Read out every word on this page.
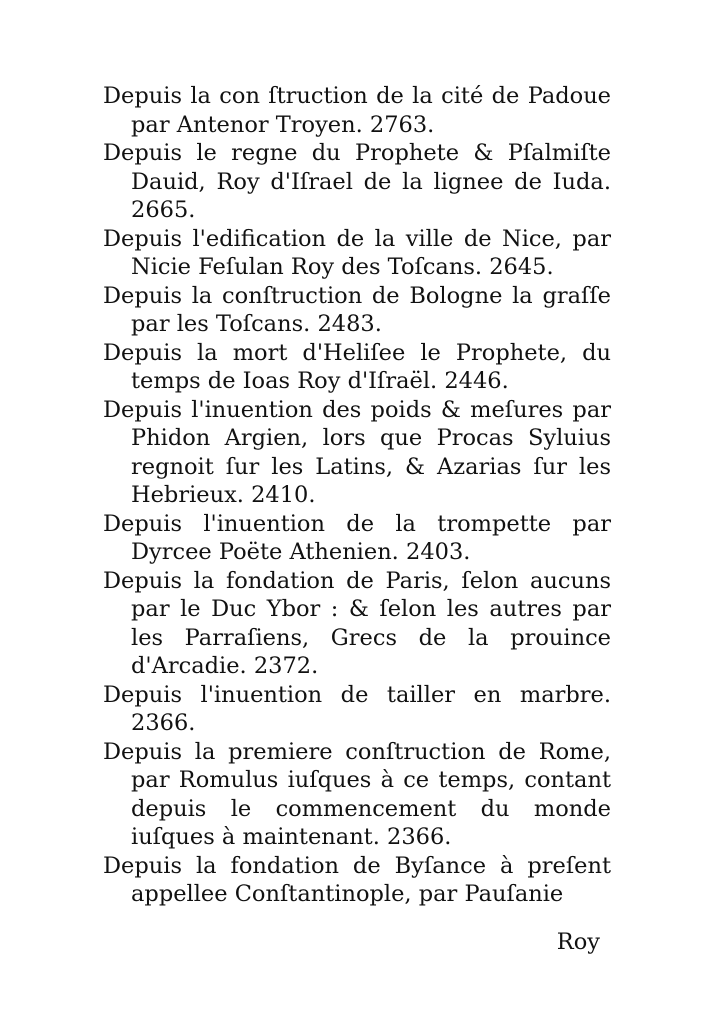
Depuis la con ſtruction de la cité de Padoue par Antenor Troyen. 2763.

Depuis le regne du Prophete & Pſalmiſte Dauid, Roy d'Iſrael de la lignee de Iuda. 2665.

Depuis l'edification de la ville de Nice, par Nicie Feſulan Roy des Toſcans. 2645.

Depuis la conſtruction de Bologne la graſſe par les Toſcans. 2483.

Depuis la mort d'Heliſee le Prophete, du temps de Ioas Roy d'Iſraël. 2446.

Depuis l'inuention des poids & meſures par Phidon Argien, lors que Procas Syluius regnoit ſur les Latins, & Azarias ſur les Hebrieux. 2410.

Depuis l'inuention de la trompette par Dyrcee Poëte Athenien. 2403.

Depuis la fondation de Paris, ſelon aucuns par le Duc Ybor : & ſelon les autres par les Parraſiens, Grecs de la prouince d'Arcadie. 2372.

Depuis l'inuention de tailler en marbre. 2366.

Depuis la premiere conſtruction de Rome, par Romulus iuſques à ce temps, contant depuis le commencement du monde iuſques à maintenant. 2366.

Depuis la fondation de Byſance à preſent appellee Conſtantinople, par Pauſanie

Roy
